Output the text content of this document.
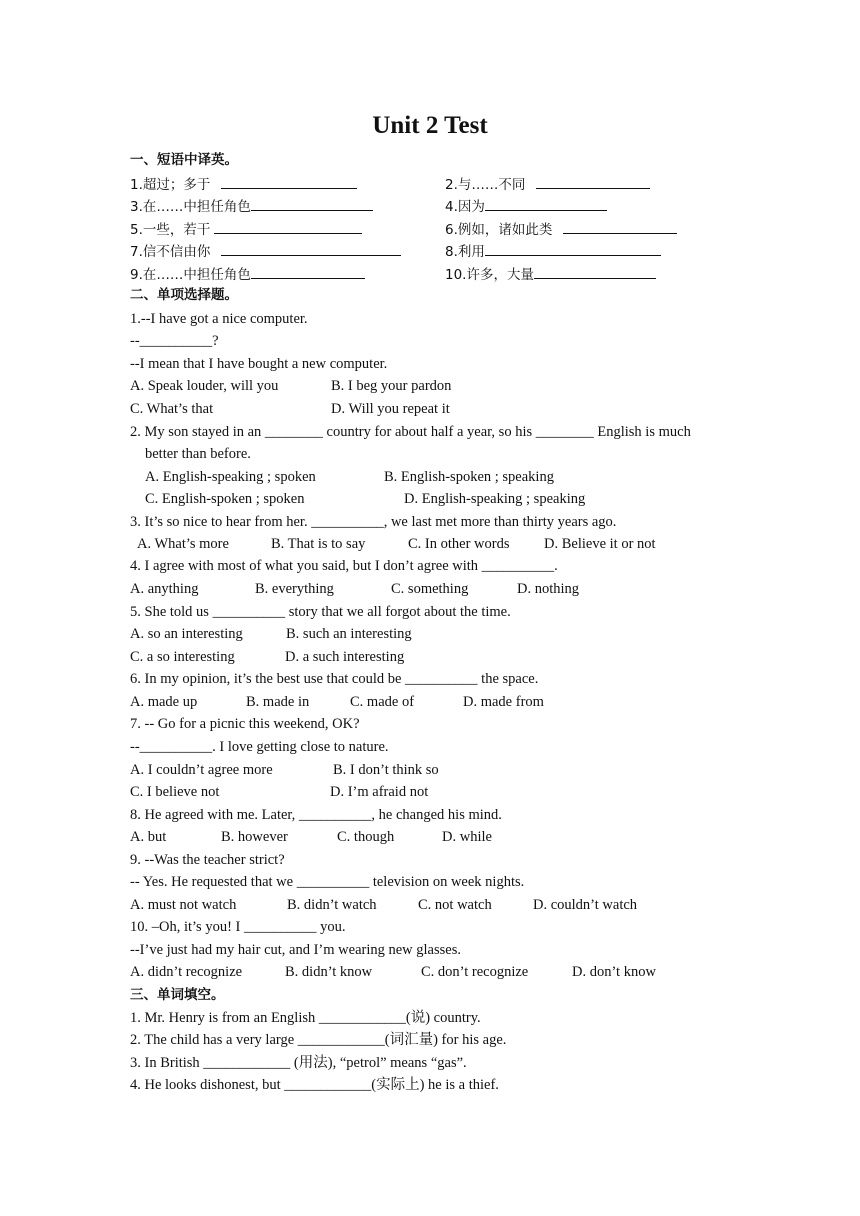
Unit 2 Test
一、短语中译英。
1.超过；多于	2.与……不同
3.在……中担任角色	4.因为
5.一些，若干	6.例如，诸如此类
7.信不信由你	8.利用
9.在……中担任角色	10.许多，大量
二、单项选择题。
1.--I have got a nice computer.
--__________?
--I mean that I have bought a new computer.
A. Speak louder, will you	B. I beg your pardon
C. What’s that	D. Will you repeat it
2. My son stayed in an ________ country for about half a year, so his ________ English is much
better than before.
A. English-speaking ; spoken	B. English-spoken ; speaking
C. English-spoken ; spoken	D. English-speaking ; speaking
3. It’s so nice to hear from her. __________, we last met more than thirty years ago.
A. What’s more	B. That is to say	C. In other words D. Believe it or not
4. I agree with most of what you said, but I don’t agree with __________.
A. anything	B. everything	C. something	D. nothing
5. She told us __________ story that we all forgot about the time.
A. so an interesting	B. such an interesting
C. a so interesting	D. a such interesting
6. In my opinion, it’s the best use that could be __________ the space.
A. made up	B. made in	C. made of	D. made from
7. -- Go for a picnic this weekend, OK?
--__________. I love getting close to nature.
A. I couldn’t agree more	B. I don’t think so
C. I believe not	D. I’m afraid not
8. He agreed with me. Later, __________, he changed his mind.
A. but	B. however	C. though	D. while
9. --Was the teacher strict?
-- Yes. He requested that we __________ television on week nights.
A. must not watch	B. didn’t watch	C. not watch	D. couldn’t watch
10. –Oh, it’s you! I __________ you.
--I’ve just had my hair cut, and I’m wearing new glasses.
A. didn’t recognize	B. didn’t know	C. don’t recognize	D. don’t know
三、单词填空。
1. Mr. Henry is from an English ____________(说) country.
2. The child has a very large ____________(词汇量) for his age.
3. In British ____________ (用法), “petrol” means “gas”.
4. He looks dishonest, but ____________(实际上) he is a thief.
